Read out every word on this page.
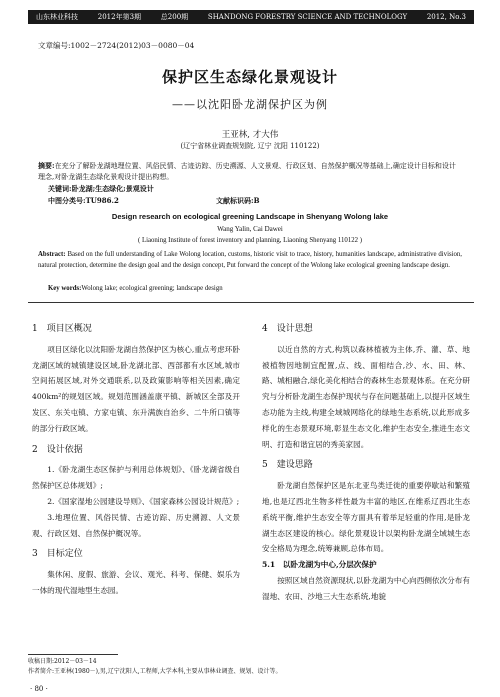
山东林业科技	2012年第3期	总200期	SHANDONG FORESTRY SCIENCE AND TECHNOLOGY	2012, No.3
文章编号:1002－2724(2012)03－0080－04
保护区生态绿化景观设计
——以沈阳卧龙湖保护区为例
王亚林, 才大伟
(辽宁省林业调查规划院, 辽宁 沈阳 110122)
摘要:在充分了解卧龙湖地理位置、风俗民情、古迹访踪、历史溯源、人文景观、行政区划、自然保护概况等基础上,确定设计目标和设计理念,对卧龙湖生态绿化景观设计提出构想。
关键词:卧龙湖;生态绿化;景观设计
中图分类号:TU986.2	文献标识码:B
Design research on ecological greening Landscape in Shenyang Wolong lake
Wang Yalin, Cai Dawei
( Liaoning Institute of forest inventory and planning, Liaoning Shenyang 110122 )
Abstract: Based on the full understanding of Lake Wolong location, customs, historic visit to trace, history, humanities landscape, administrative division, natural protection, determine the design goal and the design concept, Put forward the concept of the Wolong lake ecological greening landscape design.
Key words:Wolong lake; ecological greening; landscape design

1　项目区概况

项目区绿化以沈阳卧龙湖自然保护区为核心,重点考虑环卧龙湖区域的城镇建设区域,卧龙湖北部、西部都有水区域,城市空间拓展区域,对外交通联系,以及政策影响等相关因素,确定400km²的规划区域。规划范围涵盖康平镇、新城区全部及开发区、东关屯镇、方家屯镇、东升满族自治乡、二牛所口镇等的部分行政区域。

2　设计依据

1.《卧龙湖生态区保护与利用总体规划》、《卧龙湖省级自然保护区总体规划》;

2.《国家湿地公园建设导则》、《国家森林公园设计规范》;

3.地理位置、风俗民情、古迹访踪、历史溯源、人文景观、行政区划、自然保护概况等。

3　目标定位

集休闲、度假、旅游、会议、观光、科考、保健、娱乐为一体的现代湿地型生态园。

4　设计思想

以近自然的方式,构筑以森林植被为主体,乔、灌、草、地被植物因地制宜配置,点、线、面相结合,沙、水、田、林、路、城相融合,绿化美化相结合的森林生态景观体系。在充分研究与分析卧龙湖生态保护现状与存在问题基础上,以提升区域生态功能为主线,构建全域城网络化的绿地生态系统,以此形成多样化的生态景观环境,彰显生态文化,维护生态安全,推进生态文明、打造和谐宜居的秀美家园。

5　建设思路

卧龙湖自然保护区是东北亚鸟类迁徙的重要停歇站和繁殖地,也是辽西北生物多样性最为丰富的地区,在维系辽西北生态系统平衡,维护生态安全等方面具有着举足轻重的作用,是卧龙湖生态区建设的核心。绿化景观设计以架构卧龙湖全域城生态安全格局为理念,统筹兼顾,总体布局。

5.1　以卧龙湖为中心,分层次保护

按照区域自然资源现状,以卧龙湖为中心向西侧依次分布有湿地、农田、沙地三大生态系统,地貌

收稿日期:2012－03－14
作者简介:王亚林(1980－),男,辽宁沈阳人,工程师,大学本科,主要从事林业调查、规划、设计等。
· 80 ·
